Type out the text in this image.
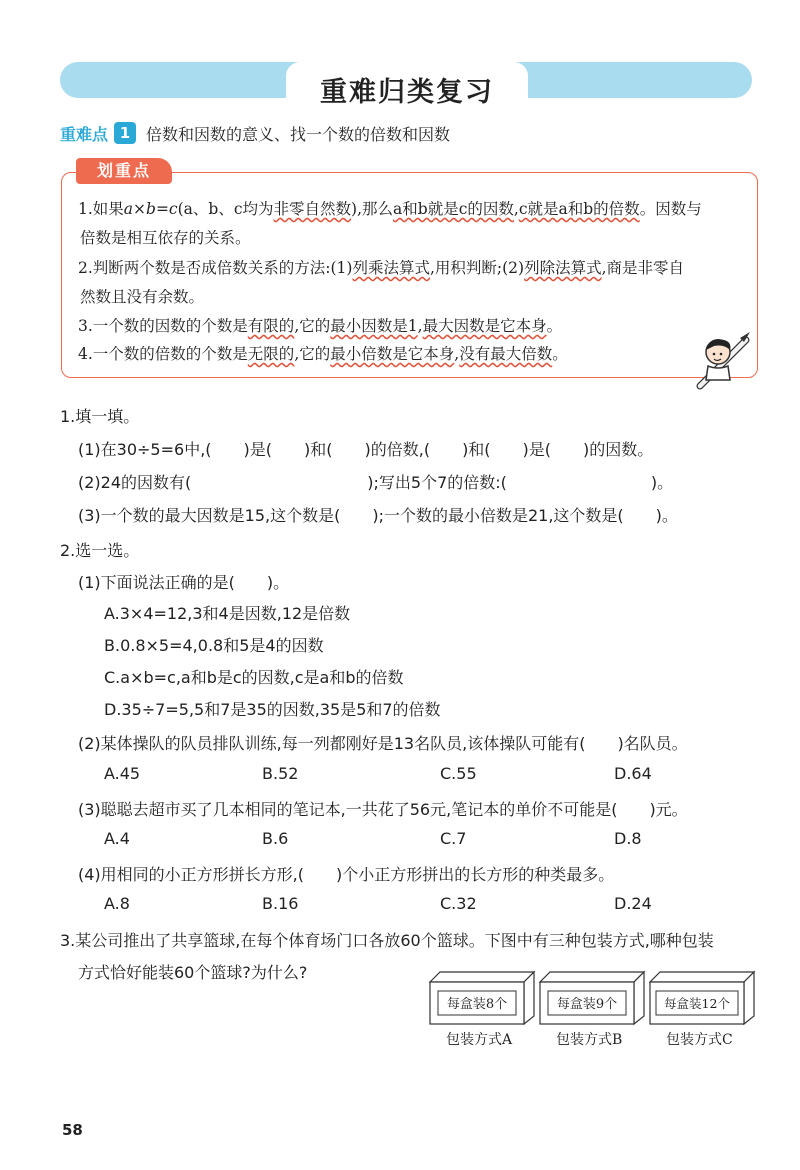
重难归类复习
重难点 1 倍数和因数的意义、找一个数的倍数和因数
划重点
1.如果a×b=c(a、b、c均为非零自然数),那么a和b就是c的因数,c就是a和b的倍数。因数与
倍数是相互依存的关系。
2.判断两个数是否成倍数关系的方法:(1)列乘法算式,用积判断;(2)列除法算式,商是非零自
然数且没有余数。
3.一个数的因数的个数是有限的,它的最小因数是1,最大因数是它本身。
4.一个数的倍数的个数是无限的,它的最小倍数是它本身,没有最大倍数。
1.填一填。
(1)在30÷5=6中,(　　)是(　　)和(　　)的倍数,(　　)和(　　)是(　　)的因数。
(2)24的因数有(　　　　　　　　　　　);写出5个7的倍数:(　　　　　　　　　)。
(3)一个数的最大因数是15,这个数是(　　);一个数的最小倍数是21,这个数是(　　)。
2.选一选。
(1)下面说法正确的是(　　)。
A.3×4=12,3和4是因数,12是倍数
B.0.8×5=4,0.8和5是4的因数
C.a×b=c,a和b是c的因数,c是a和b的倍数
D.35÷7=5,5和7是35的因数,35是5和7的倍数
(2)某体操队的队员排队训练,每一列都刚好是13名队员,该体操队可能有(　　)名队员。
A.45	B.52	C.55	D.64
(3)聪聪去超市买了几本相同的笔记本,一共花了56元,笔记本的单价不可能是(　　)元。
A.4	B.6	C.7	D.8
(4)用相同的小正方形拼长方形,(　　)个小正方形拼出的长方形的种类最多。
A.8	B.16	C.32	D.24
3.某公司推出了共享篮球,在每个体育场门口各放60个篮球。下图中有三种包装方式,哪种包装
方式恰好能装60个篮球?为什么?
每盒装8个	每盒装9个	每盒装12个
包装方式A	包装方式B	包装方式C
58
